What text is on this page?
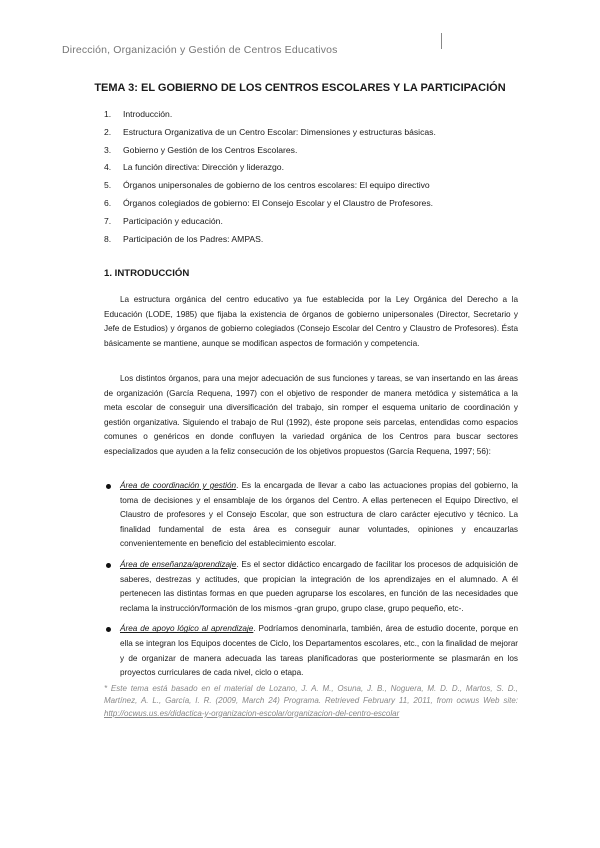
Dirección, Organización y Gestión de Centros Educativos
TEMA 3: EL GOBIERNO DE LOS CENTROS ESCOLARES Y LA PARTICIPACIÓN
1.	Introducción.
2.	Estructura Organizativa de un Centro Escolar: Dimensiones y estructuras básicas.
3.	Gobierno y Gestión de los Centros Escolares.
4.	La función directiva: Dirección y liderazgo.
5.	Órganos unipersonales de gobierno de los centros escolares: El equipo directivo
6.	Órganos colegiados de gobierno: El Consejo Escolar y el Claustro de Profesores.
7.	Participación y educación.
8.	Participación de los Padres: AMPAS.
1. INTRODUCCIÓN

La estructura orgánica del centro educativo ya fue establecida por la Ley Orgánica del Derecho a la Educación (LODE, 1985) que fijaba la existencia de órganos de gobierno unipersonales (Director, Secretario y Jefe de Estudios) y órganos de gobierno colegiados (Consejo Escolar del Centro y Claustro de Profesores). Ésta básicamente se mantiene, aunque se modifican aspectos de formación y competencia.

Los distintos órganos, para una mejor adecuación de sus funciones y tareas, se van insertando en las áreas de organización (García Requena, 1997) con el objetivo de responder de manera metódica y sistemática a la meta escolar de conseguir una diversificación del trabajo, sin romper el esquema unitario de coordinación y gestión organizativa. Siguiendo el trabajo de Rul (1992), éste propone seis parcelas, entendidas como espacios comunes o genéricos en donde confluyen la variedad orgánica de los Centros para buscar sectores especializados que ayuden a la feliz consecución de los objetivos propuestos (García Requena, 1997; 56):

Área de coordinación y gestión. Es la encargada de llevar a cabo las actuaciones propias del gobierno, la toma de decisiones y el ensamblaje de los órganos del Centro. A ellas pertenecen el Equipo Directivo, el Claustro de profesores y el Consejo Escolar, que son estructura de claro carácter ejecutivo y técnico. La finalidad fundamental de esta área es conseguir aunar voluntades, opiniones y encauzarlas convenientemente en beneficio del establecimiento escolar.
Área de enseñanza/aprendizaje. Es el sector didáctico encargado de facilitar los procesos de adquisición de saberes, destrezas y actitudes, que propician la integración de los aprendizajes en el alumnado. A él pertenecen las distintas formas en que pueden agruparse los escolares, en función de las necesidades que reclama la instrucción/formación de los mismos -gran grupo, grupo clase, grupo pequeño, etc-.
Área de apoyo lógico al aprendizaje. Podríamos denominarla, también, área de estudio docente, porque en ella se integran los Equipos docentes de Ciclo, los Departamentos escolares, etc., con la finalidad de mejorar y de organizar de manera adecuada las tareas planificadoras que posteriormente se plasmarán en los proyectos curriculares de cada nivel, ciclo o etapa.

* Este tema está basado en el material de Lozano, J. A. M., Osuna, J. B., Noguera, M. D. D., Martos, S. D., Martínez, A. L., García, I. R. (2009, March 24) Programa. Retrieved February 11, 2011, from ocwus Web site: http://ocwus.us.es/didactica-y-organizacion-escolar/organizacion-del-centro-escolar
